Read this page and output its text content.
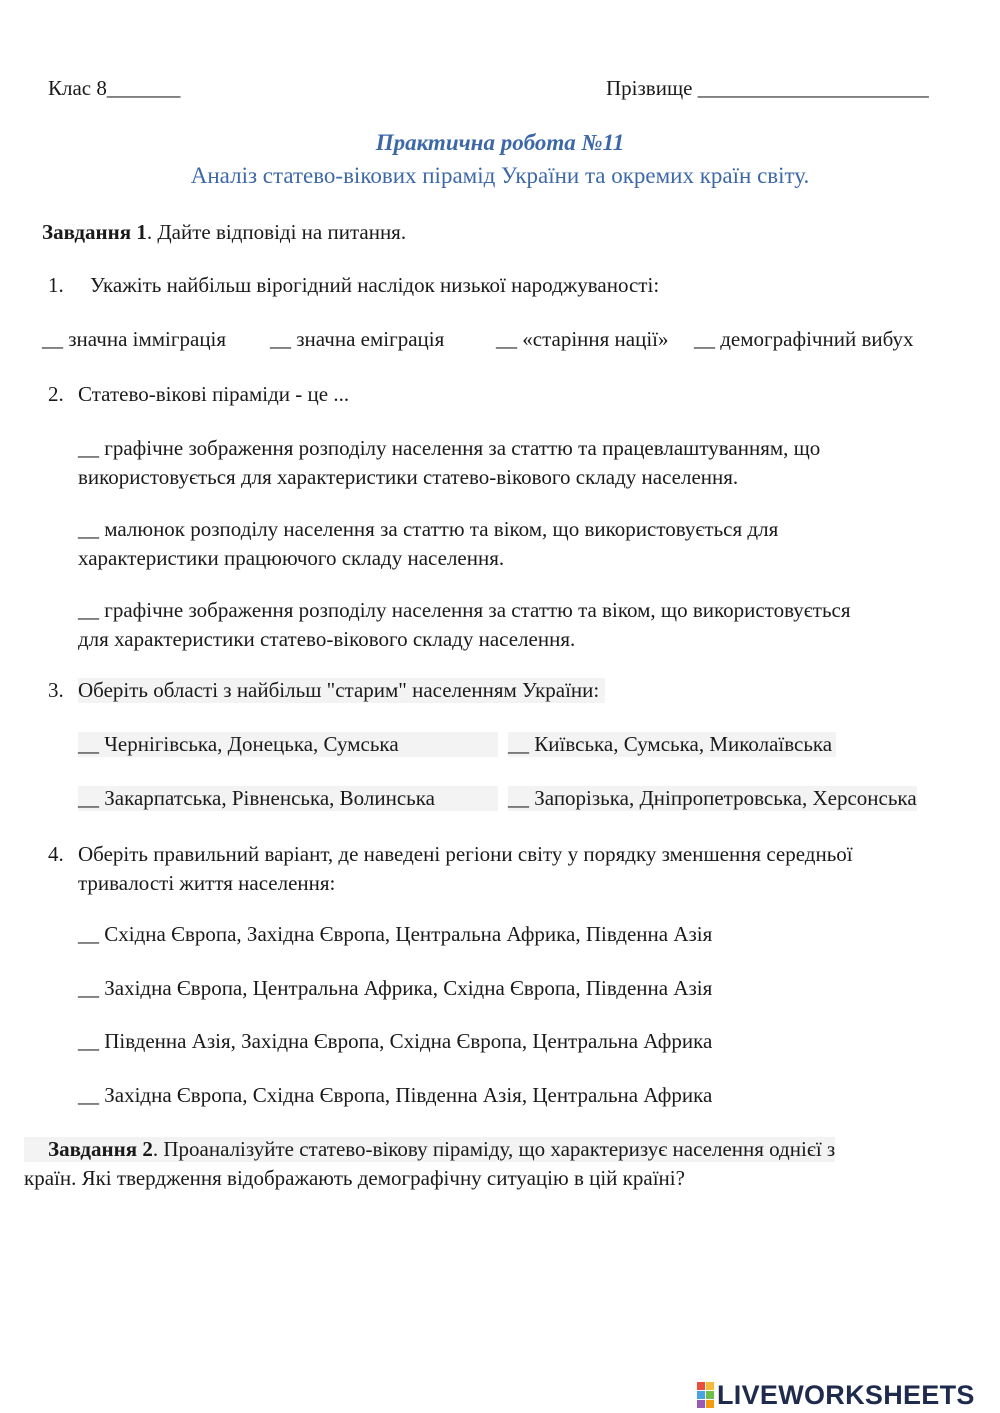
Клас 8_______	Прізвище ______________________
Практична робота №11
Аналіз статево-вікових пірамід України та окремих країн світу.
Завдання 1. Дайте відповіді на питання.
1. Укажіть найбільш вірогідний наслідок низької народжуваності:
__ значна імміграція __ значна еміграція __ «старіння нації» __ демографічний вибух
2. Статево-вікові піраміди - це ...
__ графічне зображення розподілу населення за статтю та працевлаштуванням, що
використовується для характеристики статево-вікового складу населення.
__ малюнок розподілу населення за статтю та віком, що використовується для
характеристики працюючого складу населення.
__ графічне зображення розподілу населення за статтю та віком, що використовується
для характеристики статево-вікового складу населення.
3. Оберіть області з найбільш "старим" населенням України:
__ Чернігівська, Донецька, Сумська	__ Київська, Сумська, Миколаївська
__ Закарпатська, Рівненська, Волинська	__ Запорізька, Дніпропетровська, Херсонська
4. Оберіть правильний варіант, де наведені регіони світу у порядку зменшення середньої
тривалості життя населення:
__ Східна Європа, Західна Європа, Центральна Африка, Південна Азія
__ Західна Європа, Центральна Африка, Східна Європа, Південна Азія
__ Південна Азія, Західна Європа, Східна Європа, Центральна Африка
__ Західна Європа, Східна Європа, Південна Азія, Центральна Африка
Завдання 2. Проаналізуйте статево-вікову піраміду, що характеризує населення однієї з
країн. Які твердження відображають демографічну ситуацію в цій країні?
LIVEWORKSHEETS
